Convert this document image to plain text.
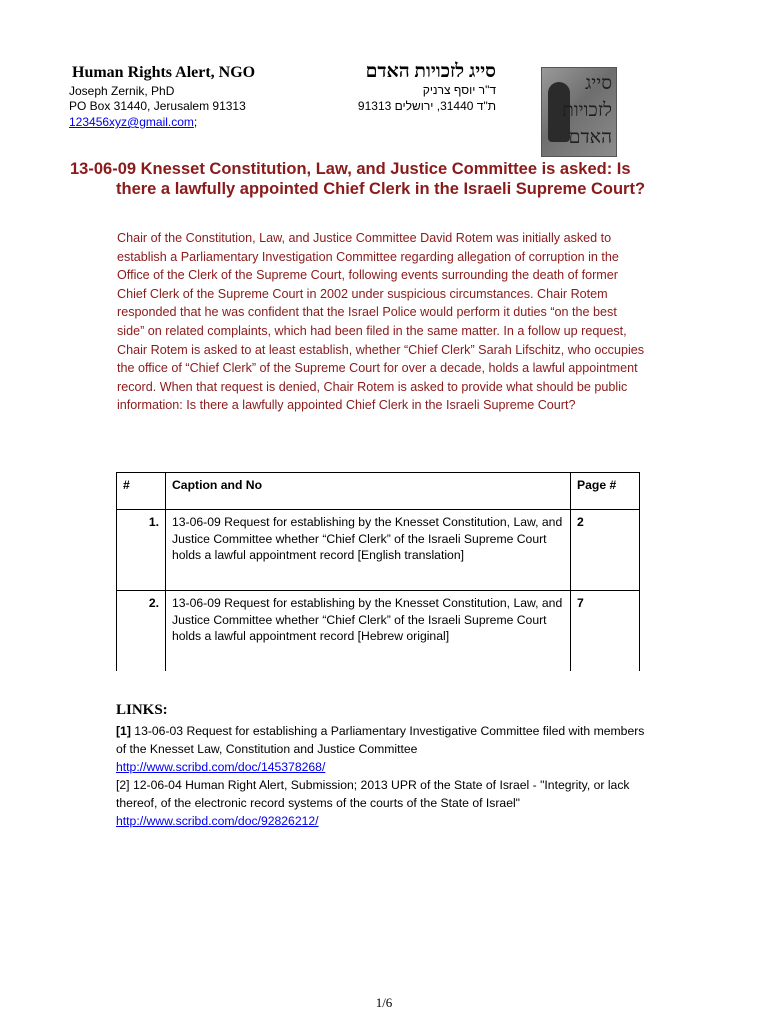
Human Rights Alert, NGO	סייג לזכויות האדם
Joseph Zernik, PhD	ד"ר יוסף צרניק
PO Box 31440, Jerusalem 91313	ת"ד 31440, ירושלים 91313
123456xyz@gmail.com;
סייג לזכויות האדם
13-06-09 Knesset Constitution, Law, and Justice Committee is asked: Is
there a lawfully appointed Chief Clerk in the Israeli Supreme Court?
Chair of the Constitution, Law, and Justice Committee David Rotem was initially asked to establish a Parliamentary Investigation Committee regarding allegation of corruption in the Office of the Clerk of the Supreme Court, following events surrounding the death of former Chief Clerk of the Supreme Court in 2002 under suspicious circumstances. Chair Rotem responded that he was confident that the Israel Police would perform it duties “on the best side” on related complaints, which had been filed in the same matter. In a follow up request, Chair Rotem is asked to at least establish, whether “Chief Clerk” Sarah Lifschitz, who occupies the office of “Chief Clerk” of the Supreme Court for over a decade, holds a lawful appointment record. When that request is denied, Chair Rotem is asked to provide what should be public information: Is there a lawfully appointed Chief Clerk in the Israeli Supreme Court?
#	Caption and No	Page #
1.	13-06-09 Request for establishing by the Knesset Constitution, Law, and Justice Committee whether “Chief Clerk” of the Israeli Supreme Court holds a lawful appointment record [English translation]	2
2.	13-06-09 Request for establishing by the Knesset Constitution, Law, and Justice Committee whether “Chief Clerk” of the Israeli Supreme Court holds a lawful appointment record [Hebrew original]	7
LINKS:
[1] 13-06-03 Request for establishing a Parliamentary Investigative Committee filed with members of the Knesset Law, Constitution and Justice Committee
http://www.scribd.com/doc/145378268/
[2] 12-06-04 Human Right Alert, Submission; 2013 UPR of the State of Israel - "Integrity, or lack thereof, of the electronic record systems of the courts of the State of Israel"
http://www.scribd.com/doc/92826212/
1/6
